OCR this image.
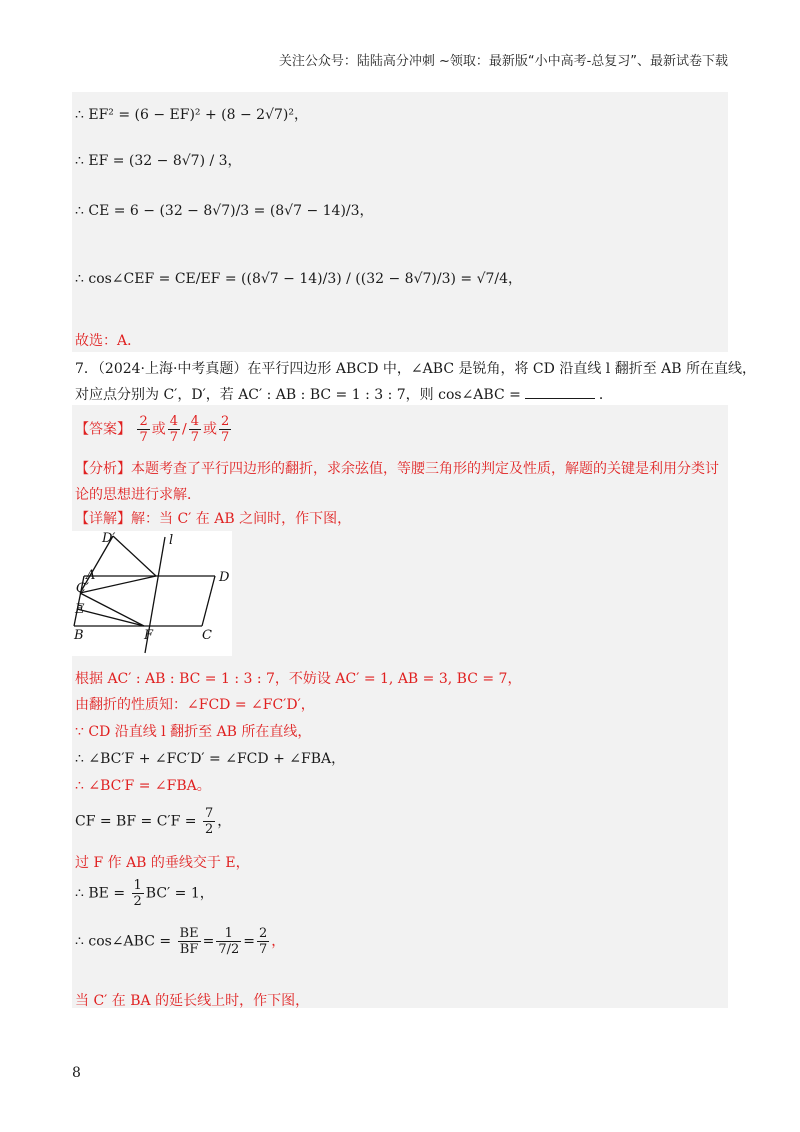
关注公众号：陆陆高分冲刺 ~领取：最新版“小中高考-总复习”、最新试卷下载
∴ EF² = (6 − EF)² + (8 − 2√7)²，
∴ EF = (32 − 8√7) / 3，
∴ CE = 6 − (32 − 8√7)/3 = (8√7 − 14)/3，
∴ cos∠CEF = CE/EF = ((8√7 − 14)/3) / ((32 − 8√7)/3) = √7/4，
故选：A．
7．（2024·上海·中考真题）在平行四边形 ABCD 中，∠ABC 是锐角，将 CD 沿直线 l 翻折至 AB 所在直线，
对应点分别为 C′，D′，若 AC′ : AB : BC = 1 : 3 : 7，则 cos∠ABC =	．
【答案】 $\frac{2}{7}$ 或 $\frac{4}{7} / \frac{4}{7}$ 或 $\frac{2}{7}$
【分析】本题考查了平行四边形的翻折，求余弦值，等腰三角形的判定及性质，解题的关键是利用分类讨
论的思想进行求解．
【详解】解：当 C′ 在 AB 之间时，作下图，
D′	l
A	D
C′
E
B	F	C
根据 AC′ : AB : BC = 1 : 3 : 7，不妨设 AC′ = 1, AB = 3, BC = 7，
由翻折的性质知：∠FCD = ∠FC′D′，
∵ CD 沿直线 l 翻折至 AB 所在直线，
∴ ∠BC′F + ∠FC′D′ = ∠FCD + ∠FBA，
∴ ∠BC′F = ∠FBA。
CF = BF = $C'F = \frac{7}{2}$ ，
过 F 作 AB 的垂线交于 E，
∴ BE = $\frac{1}{2} BC' = 1$，
∴ cos∠ABC = $\frac{BE}{BF} = \frac{1}{7/2} = \frac{2}{7}$ ，
当 C′ 在 BA 的延长线上时，作下图，
8
